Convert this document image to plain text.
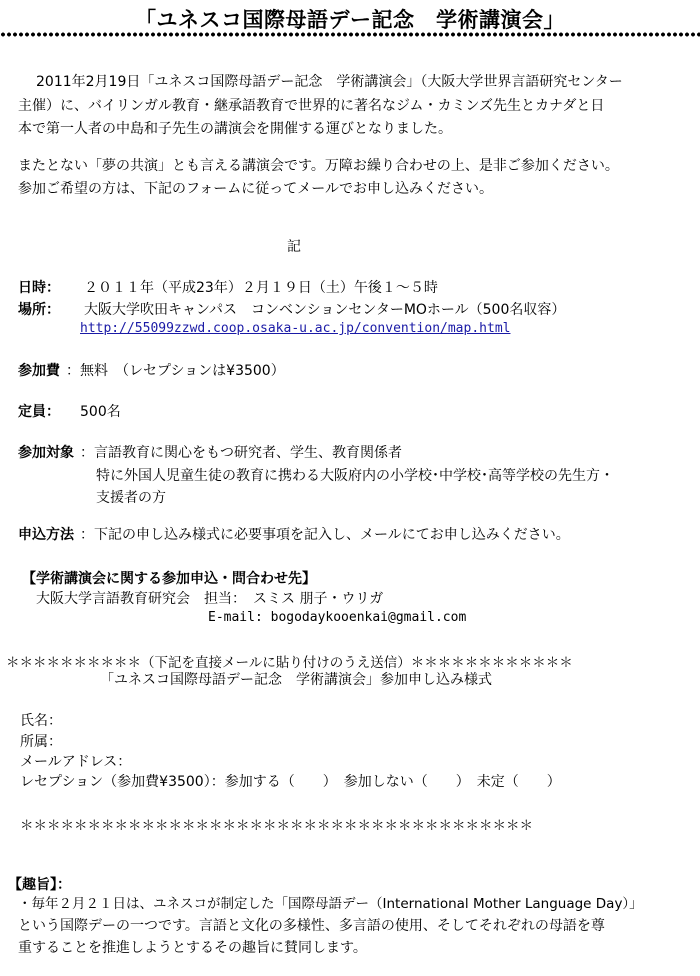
「ユネスコ国際母語デー記念　学術講演会」
2011年2月19日「ユネスコ国際母語デー記念　学術講演会」（大阪大学世界言語研究センター
主催）に、バイリンガル教育・継承語教育で世界的に著名なジム・カミンズ先生とカナダと日
本で第一人者の中島和子先生の講演会を開催する運びとなりました。
またとない「夢の共演」とも言える講演会です。万障お繰り合わせの上、是非ご参加ください。
参加ご希望の方は、下記のフォームに従ってメールでお申し込みください。
記
日時： ２０１１年（平成23年）２月１９日（土）午後１～５時
場所： 大阪大学吹田キャンパス　コンベンションセンターMOホール（500名収容）
http://55099zzwd.coop.osaka-u.ac.jp/convention/map.html
参加費 ：無料　（レセプションは¥3500）
定員： 500名
参加対象 ：言語教育に関心をもつ研究者、学生、教育関係者
特に外国人児童生徒の教育に携わる大阪府内の小学校･中学校･高等学校の先生方・
支援者の方
申込方法 ：下記の申し込み様式に必要事項を記入し、メールにてお申し込みください。
【学術講演会に関する参加申込・問合わせ先】
大阪大学言語教育研究会　担当：　スミス 朋子・ウリガ
E-mail: bogodaykooenkai@gmail.com
＊＊＊＊＊＊＊＊＊＊（下記を直接メールに貼り付けのうえ送信）＊＊＊＊＊＊＊＊＊＊＊＊
「ユネスコ国際母語デー記念　学術講演会」参加申し込み様式
氏名：
所属：
メールアドレス：
レセプション（参加費¥3500）：参加する（　　）　参加しない（　　）　未定（　　）
＊＊＊＊＊＊＊＊＊＊＊＊＊＊＊＊＊＊＊＊＊＊＊＊＊＊＊＊＊＊＊＊＊＊＊＊＊＊
【趣旨】：
・毎年２月２１日は、ユネスコが制定した「国際母語デー（International Mother Language Day）」
という国際デーの一つです。言語と文化の多様性、多言語の使用、そしてそれぞれの母語を尊
重することを推進しようとするその趣旨に賛同します。
